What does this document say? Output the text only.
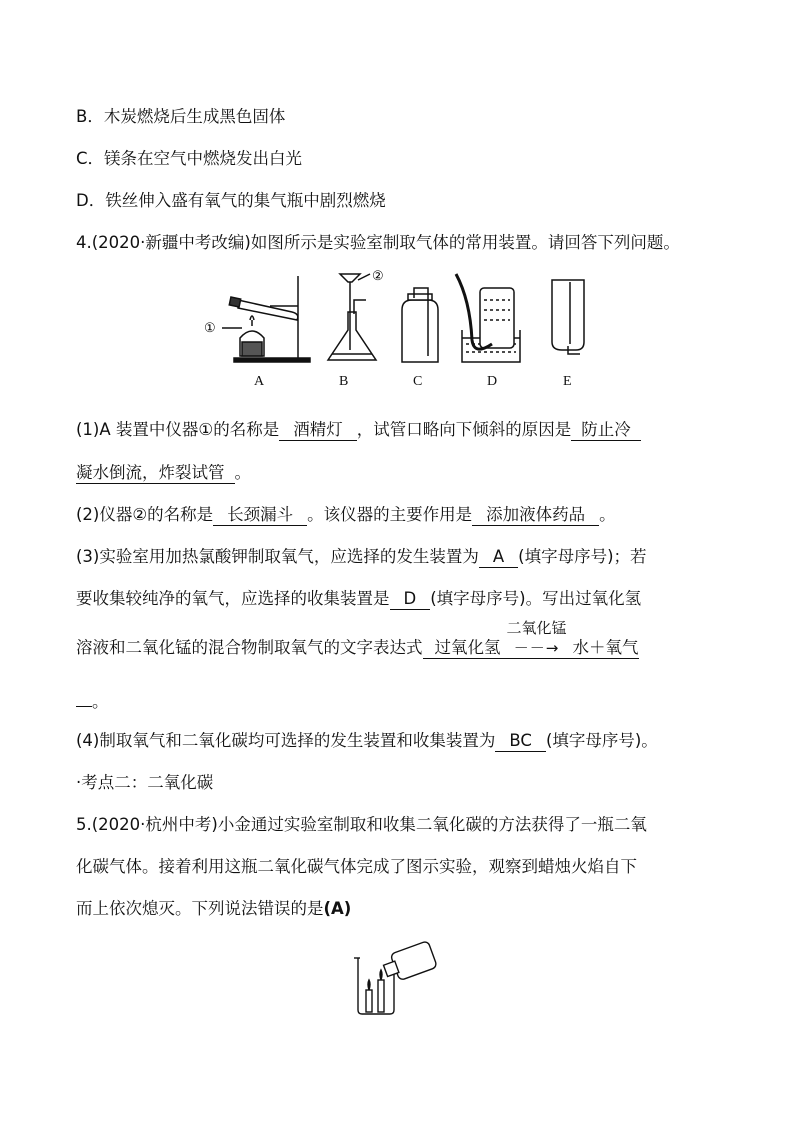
B．木炭燃烧后生成黑色固体
C．镁条在空气中燃烧发出白光
D．铁丝伸入盛有氧气的集气瓶中剧烈燃烧
4.(2020·新疆中考改编)如图所示是实验室制取气体的常用装置。请回答下列问题。
①
②
A	B	C	D	E
(1)A 装置中仪器①的名称是 酒精灯 ，试管口略向下倾斜的原因是 防止冷
凝水倒流，炸裂试管 。
(2)仪器②的名称是 长颈漏斗 。该仪器的主要作用是 添加液体药品 。
(3)实验室用加热氯酸钾制取氧气，应选择的发生装置为 A (填字母序号)；若
要收集较纯净的氧气，应选择的收集装置是 D (填字母序号)。写出过氧化氢
溶液和二氧化锰的混合物制取氧气的文字表达式 过氧化氢
二氧化锰
－－→ 水＋氧气
。
(4)制取氧气和二氧化碳均可选择的发生装置和收集装置为 BC (填字母序号)。
·考点二：二氧化碳
5.(2020·杭州中考)小金通过实验室制取和收集二氧化碳的方法获得了一瓶二氧
化碳气体。接着利用这瓶二氧化碳气体完成了图示实验，观察到蜡烛火焰自下
而上依次熄灭。下列说法错误的是(A)
